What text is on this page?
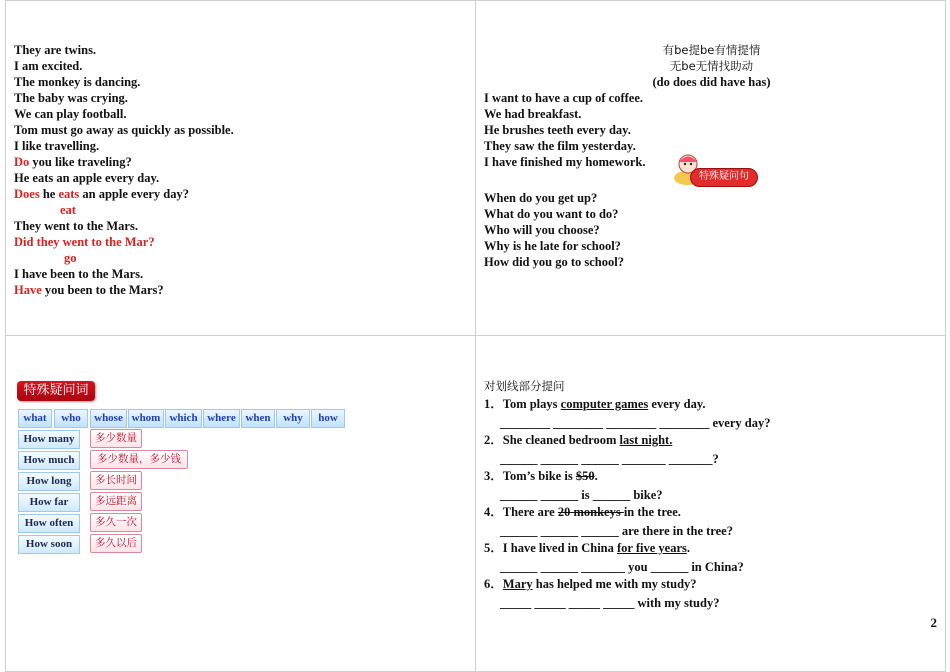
They are twins.
I am excited.
The monkey is dancing.
The baby was crying.
We can play football.
Tom must go away as quickly as possible.
I like travelling.
Do you like traveling?
He eats an apple every day.
Does he eats an apple every day?
eat
They went to the Mars.
Did they went to the Mar?
go
I have been to the Mars.
Have you been to the Mars?
有be提be有情提情
无be无情找助动
(do does did have has)
I want to have a cup of coffee.
We had breakfast.
He brushes teeth every day.
They saw the film yesterday.
I have finished my homework.
特殊疑问句
When do you get up?
What do you want to do?
Who will you choose?
Why is he late for school?
How did you go to school?
特殊疑问词
what	who	whose whom which where when	why	how
How many	多少数量
How much	多少数量，多少钱
How long	多长时间
How far	多远距离
How often	多久一次
How soon	多久以后
对划线部分提问
1．Tom plays computer games every day.
________ ________ ________ ________ every day?
2．She cleaned bedroom last night.
______ ______ ______ _______ _______?
3．Tom’s bike is $50.
______ ______ is ______ bike?
4．There are 20 monkeys in the tree.
______ ______ ______ are there in the tree?
5．I have lived in China for five years.
______ ______ _______ you ______ in China?
6．Mary has helped me with my study?
_____ _____ _____ _____ with my study?
2
